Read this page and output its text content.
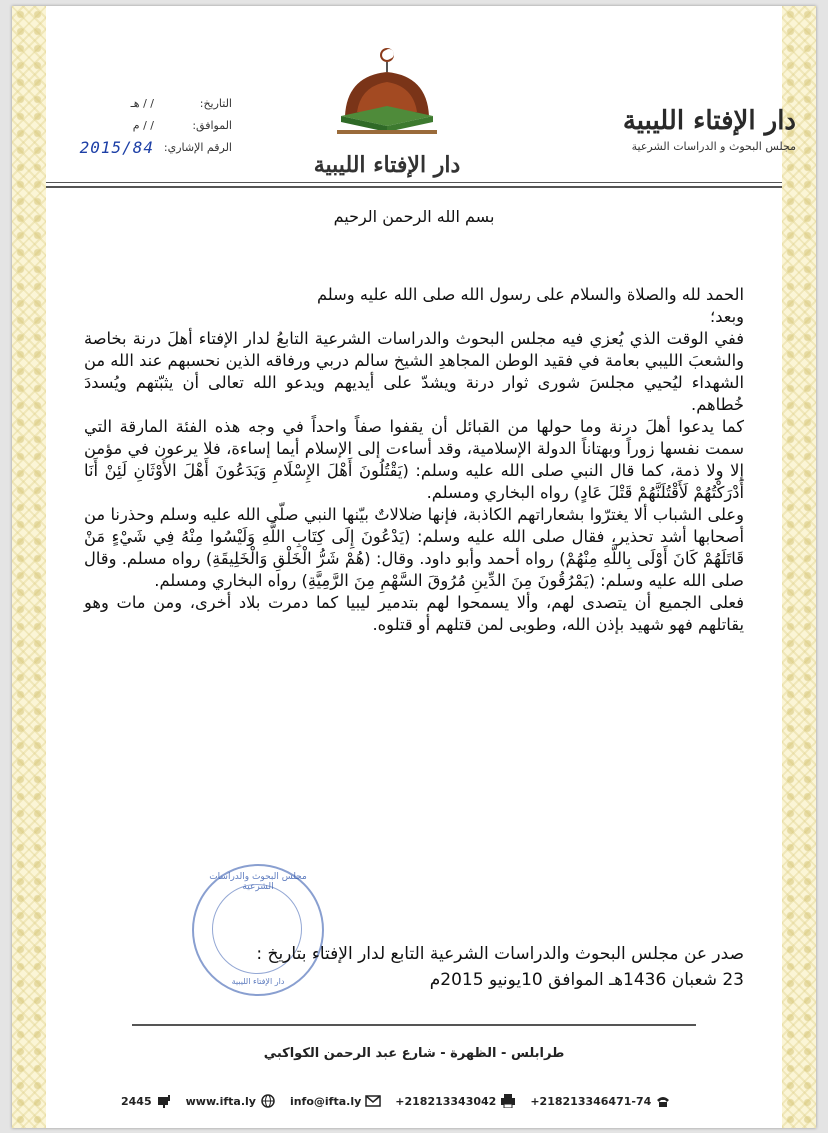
دار الإفتاء الليبية
مجلس البحوث و الدراسات الشرعية
دار الإفتاء الليبية
التاريخ:
/ / هـ
الموافق:
/ / م
الرقم الإشاري:
2015/84
بسم الله الرحمن الرحيم

الحمد لله والصلاة والسلام على رسول الله صلى الله عليه وسلم

وبعد؛

ففي الوقت الذي يُعزي فيه مجلس البحوث والدراسات الشرعية التابعُ لدار الإفتاء أهلَ درنة بخاصة والشعبَ الليبي بعامة في فقيد الوطن المجاهدِ الشيخ سالم دربي ورفاقه الذين نحسبهم عند الله من الشهداء ليُحيي مجلسَ شورى ثوار درنة ويشدّ على أيديهم ويدعو الله تعالى أن يثبّتهم ويُسددَ خُطاهم.

كما يدعوا أهلَ درنة وما حولها من القبائل أن يقفوا صفاً واحداً في وجه هذه الفئة المارقة التي سمت نفسها زوراً وبهتاناً الدولة الإسلامية، وقد أساءت إلى الإسلام أيما إساءة، فلا يرعون في مؤمن إلا ولا ذمة، كما قال النبي صلى الله عليه وسلم: (يَقْتُلُونَ أَهْلَ الإِسْلَامِ وَيَدَعُونَ أَهْلَ الأَوْثَانِ لَئِنْ أَنَا أَدْرَكْتُهُمْ لَأَقْتُلَنَّهُمْ قَتْلَ عَادٍ) رواه البخاري ومسلم.

وعلى الشباب ألا يغترّوا بشعاراتهم الكاذبة، فإنها ضلالاتٌ بيّنها النبي صلّى الله عليه وسلم وحذرنا من أصحابها أشد تحذير، فقال صلى الله عليه وسلم: (يَدْعُونَ إِلَى كِتَابِ اللَّهِ وَلَيْسُوا مِنْهُ فِي شَيْءٍ مَنْ قَاتَلَهُمْ كَانَ أَوْلَى بِاللَّهِ مِنْهُمْ) رواه أحمد وأبو داود. وقال: (هُمْ شَرُّ الْخَلْقِ وَالْخَلِيقَةِ) رواه مسلم. وقال صلى الله عليه وسلم: (يَمْرُقُونَ مِنَ الدِّينِ مُرُوقَ السَّهْمِ مِنَ الرَّمِيَّةِ) رواه البخاري ومسلم.

فعلى الجميع أن يتصدى لهم، وألا يسمحوا لهم بتدمير ليبيا كما دمرت بلاد أخرى، ومن مات وهو يقاتلهم فهو شهيد بإذن الله، وطوبى لمن قتلهم أو قتلوه.

مجلس البحوث والدراسات الشرعية
دار الإفتاء الليبية
صدر عن مجلس البحوث والدراسات الشرعية التابع لدار الإفتاء بتاريخ :
23 شعبان 1436هـ الموافق 10يونيو 2015م
طرابلس - الظهرة - شارع عبد الرحمن الكواكبي
+218213346471-74
+218213343042
info@ifta.ly
www.ifta.ly
2445
